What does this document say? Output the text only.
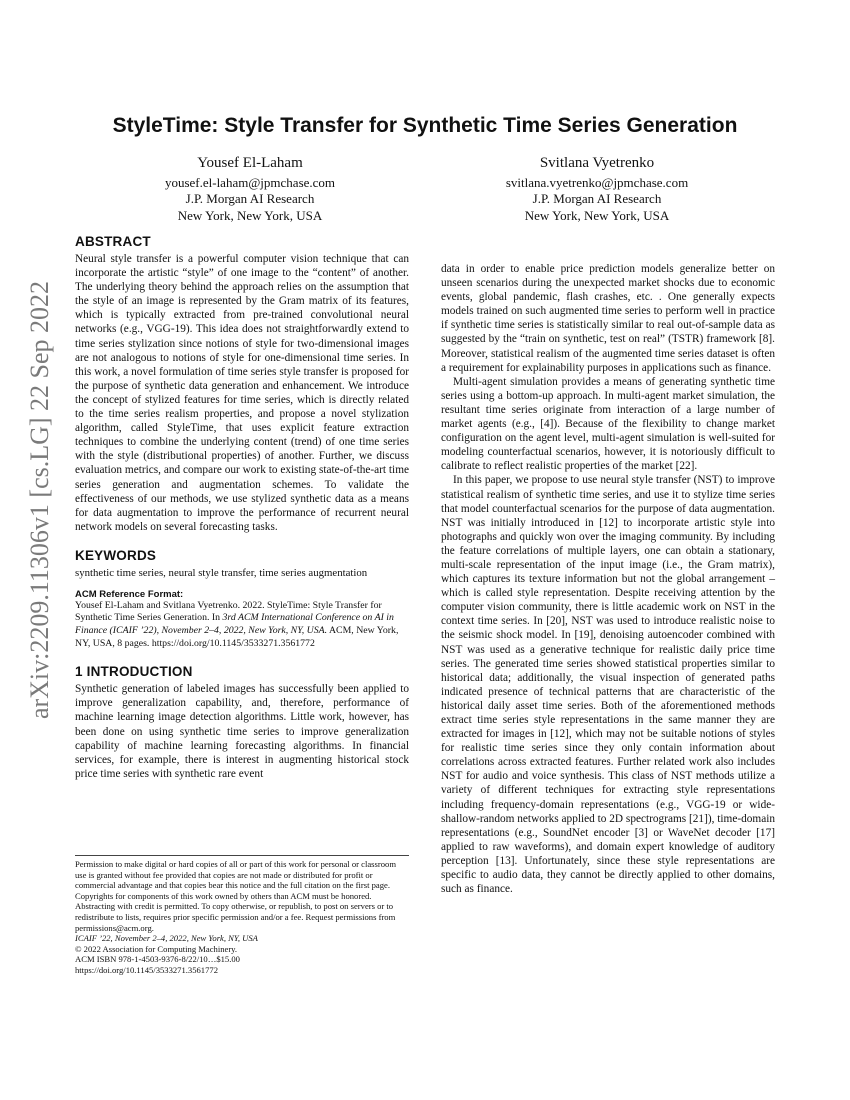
arXiv:2209.11306v1 [cs.LG] 22 Sep 2022
StyleTime: Style Transfer for Synthetic Time Series Generation
Yousef El-Laham
yousef.el-laham@jpmchase.com
J.P. Morgan AI Research
New York, New York, USA
Svitlana Vyetrenko
svitlana.vyetrenko@jpmchase.com
J.P. Morgan AI Research
New York, New York, USA
ABSTRACT

Neural style transfer is a powerful computer vision technique that can incorporate the artistic “style” of one image to the “content” of another. The underlying theory behind the approach relies on the assumption that the style of an image is represented by the Gram matrix of its features, which is typically extracted from pre-trained convolutional neural networks (e.g., VGG-19). This idea does not straightforwardly extend to time series stylization since notions of style for two-dimensional images are not analogous to notions of style for one-dimensional time series. In this work, a novel formulation of time series style transfer is proposed for the purpose of synthetic data generation and enhancement. We introduce the concept of stylized features for time series, which is directly related to the time series realism properties, and propose a novel stylization algorithm, called StyleTime, that uses explicit feature extraction techniques to combine the underlying content (trend) of one time series with the style (distributional properties) of another. Further, we discuss evaluation metrics, and compare our work to existing state-of-the-art time series generation and augmentation schemes. To validate the effectiveness of our methods, we use stylized synthetic data as a means for data augmentation to improve the performance of recurrent neural network models on several forecasting tasks.

KEYWORDS

synthetic time series, neural style transfer, time series augmentation

ACM Reference Format:

Yousef El-Laham and Svitlana Vyetrenko. 2022. StyleTime: Style Transfer for Synthetic Time Series Generation. In 3rd ACM International Conference on AI in Finance (ICAIF ’22), November 2–4, 2022, New York, NY, USA. ACM, New York, NY, USA, 8 pages. https://doi.org/10.1145/3533271.3561772

1 INTRODUCTION

Synthetic generation of labeled images has successfully been applied to improve generalization capability, and, therefore, performance of machine learning image detection algorithms. Little work, however, has been done on using synthetic time series to improve generalization capability of machine learning forecasting algorithms. In financial services, for example, there is interest in augmenting historical stock price time series with synthetic rare event

Permission to make digital or hard copies of all or part of this work for personal or classroom use is granted without fee provided that copies are not made or distributed for profit or commercial advantage and that copies bear this notice and the full citation on the first page. Copyrights for components of this work owned by others than ACM must be honored. Abstracting with credit is permitted. To copy otherwise, or republish, to post on servers or to redistribute to lists, requires prior specific permission and/or a fee. Request permissions from permissions@acm.org.

ICAIF ’22, November 2–4, 2022, New York, NY, USA

© 2022 Association for Computing Machinery.

ACM ISBN 978-1-4503-9376-8/22/10…$15.00

https://doi.org/10.1145/3533271.3561772

data in order to enable price prediction models generalize better on unseen scenarios during the unexpected market shocks due to economic events, global pandemic, flash crashes, etc. . One generally expects models trained on such augmented time series to perform well in practice if synthetic time series is statistically similar to real out-of-sample data as suggested by the “train on synthetic, test on real” (TSTR) framework [8]. Moreover, statistical realism of the augmented time series dataset is often a requirement for explainability purposes in applications such as finance.

Multi-agent simulation provides a means of generating synthetic time series using a bottom-up approach. In multi-agent market simulation, the resultant time series originate from interaction of a large number of market agents (e.g., [4]). Because of the flexibility to change market configuration on the agent level, multi-agent simulation is well-suited for modeling counterfactual scenarios, however, it is notoriously difficult to calibrate to reflect realistic properties of the market [22].

In this paper, we propose to use neural style transfer (NST) to improve statistical realism of synthetic time series, and use it to stylize time series that model counterfactual scenarios for the purpose of data augmentation. NST was initially introduced in [12] to incorporate artistic style into photographs and quickly won over the imaging community. By including the feature correlations of multiple layers, one can obtain a stationary, multi-scale representation of the input image (i.e., the Gram matrix), which captures its texture information but not the global arrangement – which is called style representation. Despite receiving attention by the computer vision community, there is little academic work on NST in the context time series. In [20], NST was used to introduce realistic noise to the seismic shock model. In [19], denoising autoencoder combined with NST was used as a generative technique for realistic daily price time series. The generated time series showed statistical properties similar to historical data; additionally, the visual inspection of generated paths indicated presence of technical patterns that are characteristic of the historical daily asset time series. Both of the aforementioned methods extract time series style representations in the same manner they are extracted for images in [12], which may not be suitable notions of styles for realistic time series since they only contain information about correlations across extracted features. Further related work also includes NST for audio and voice synthesis. This class of NST methods utilize a variety of different techniques for extracting style representations including frequency-domain representations (e.g., VGG-19 or wide-shallow-random networks applied to 2D spectrograms [21]), time-domain representations (e.g., SoundNet encoder [3] or WaveNet decoder [17] applied to raw waveforms), and domain expert knowledge of auditory perception [13]. Unfortunately, since these style representations are specific to audio data, they cannot be directly applied to other domains, such as finance.
